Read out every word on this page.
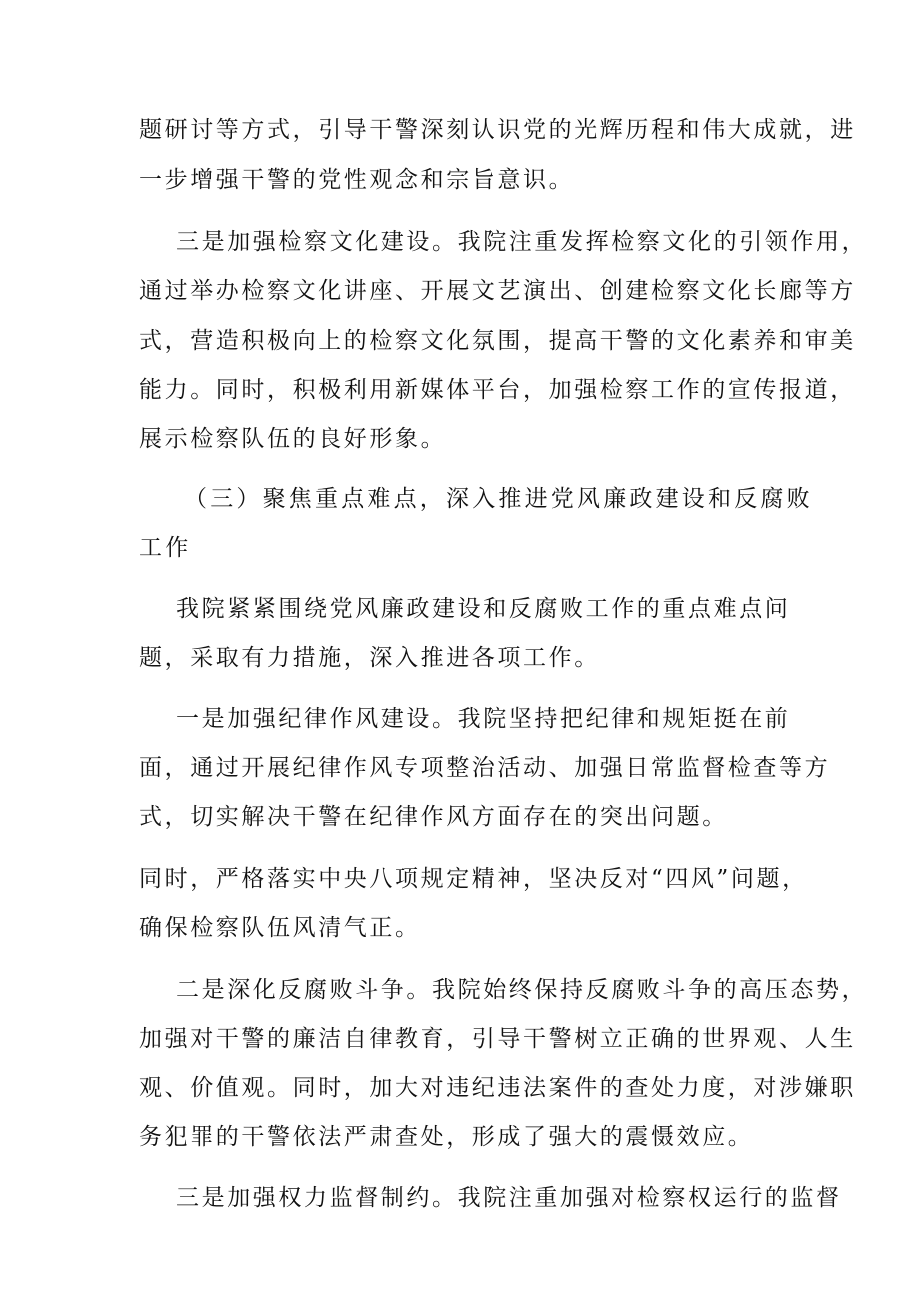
题研讨等方式，引导干警深刻认识党的光辉历程和伟大成就，进
一步增强干警的党性观念和宗旨意识。
三是加强检察文化建设。我院注重发挥检察文化的引领作用，
通过举办检察文化讲座、开展文艺演出、创建检察文化长廊等方
式，营造积极向上的检察文化氛围，提高干警的文化素养和审美
能力。同时，积极利用新媒体平台，加强检察工作的宣传报道，
展示检察队伍的良好形象。
（三）聚焦重点难点，深入推进党风廉政建设和反腐败
工作
我院紧紧围绕党风廉政建设和反腐败工作的重点难点问
题，采取有力措施，深入推进各项工作。
一是加强纪律作风建设。我院坚持把纪律和规矩挺在前
面，通过开展纪律作风专项整治活动、加强日常监督检查等方
式，切实解决干警在纪律作风方面存在的突出问题。
同时，严格落实中央八项规定精神，坚决反对“四风”问题，
确保检察队伍风清气正。
二是深化反腐败斗争。我院始终保持反腐败斗争的高压态势，
加强对干警的廉洁自律教育，引导干警树立正确的世界观、人生
观、价值观。同时，加大对违纪违法案件的查处力度，对涉嫌职
务犯罪的干警依法严肃查处，形成了强大的震慑效应。
三是加强权力监督制约。我院注重加强对检察权运行的监督
